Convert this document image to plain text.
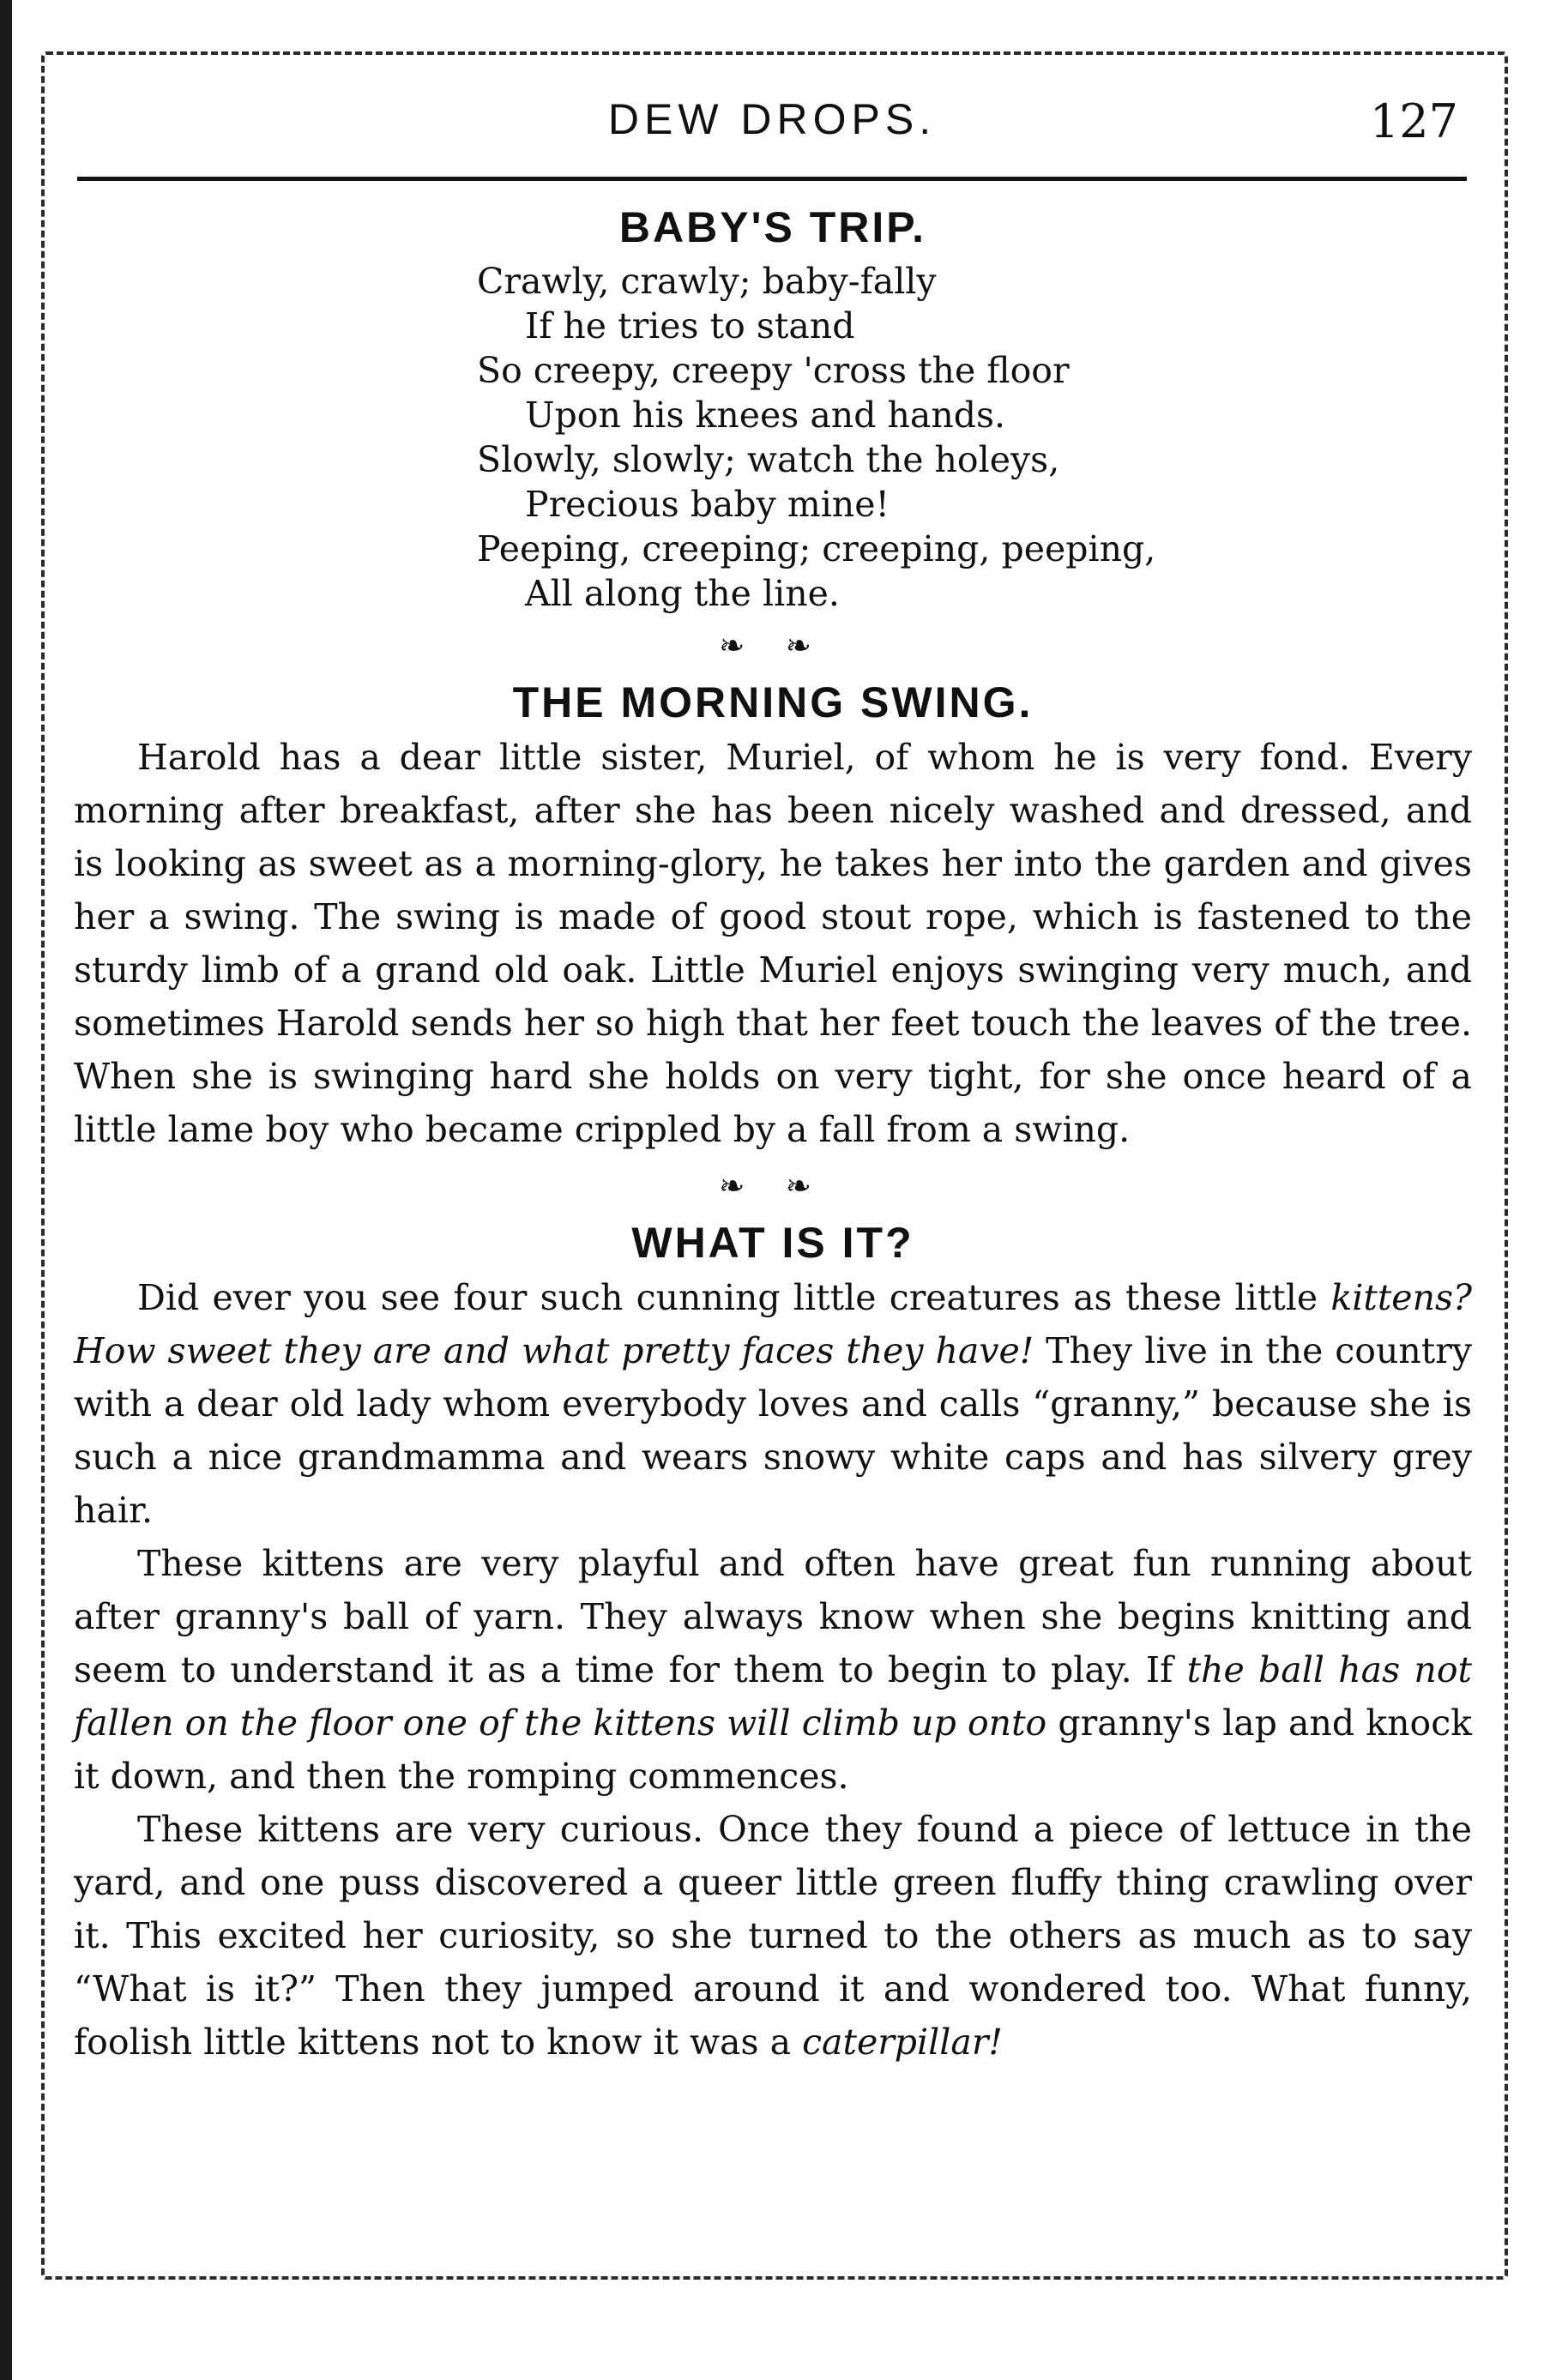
DEW DROPS.	127
BABY'S TRIP.
Crawly, crawly; baby-fally
If he tries to stand
So creepy, creepy 'cross the floor
Upon his knees and hands.
Slowly, slowly; watch the holeys,
Precious baby mine!
Peeping, creeping; creeping, peeping,
All along the line.
❧ ❧
THE MORNING SWING.

Harold has a dear little sister, Muriel, of whom he is very fond. Every morning after breakfast, after she has been nicely washed and dressed, and is looking as sweet as a morning-glory, he takes her into the garden and gives her a swing. The swing is made of good stout rope, which is fastened to the sturdy limb of a grand old oak. Little Muriel enjoys swinging very much, and sometimes Harold sends her so high that her feet touch the leaves of the tree. When she is swinging hard she holds on very tight, for she once heard of a little lame boy who became crippled by a fall from a swing.

❧ ❧
WHAT IS IT?

Did ever you see four such cunning little creatures as these little kittens? How sweet they are and what pretty faces they have! They live in the country with a dear old lady whom everybody loves and calls “granny,” because she is such a nice grandmamma and wears snowy white caps and has silvery grey hair.

These kittens are very playful and often have great fun running about after granny's ball of yarn. They always know when she begins knitting and seem to understand it as a time for them to begin to play. If the ball has not fallen on the floor one of the kittens will climb up onto granny's lap and knock it down, and then the romping commences.

These kittens are very curious. Once they found a piece of lettuce in the yard, and one puss discovered a queer little green fluffy thing crawling over it. This excited her curiosity, so she turned to the others as much as to say “What is it?” Then they jumped around it and wondered too. What funny, foolish little kittens not to know it was a caterpillar!
